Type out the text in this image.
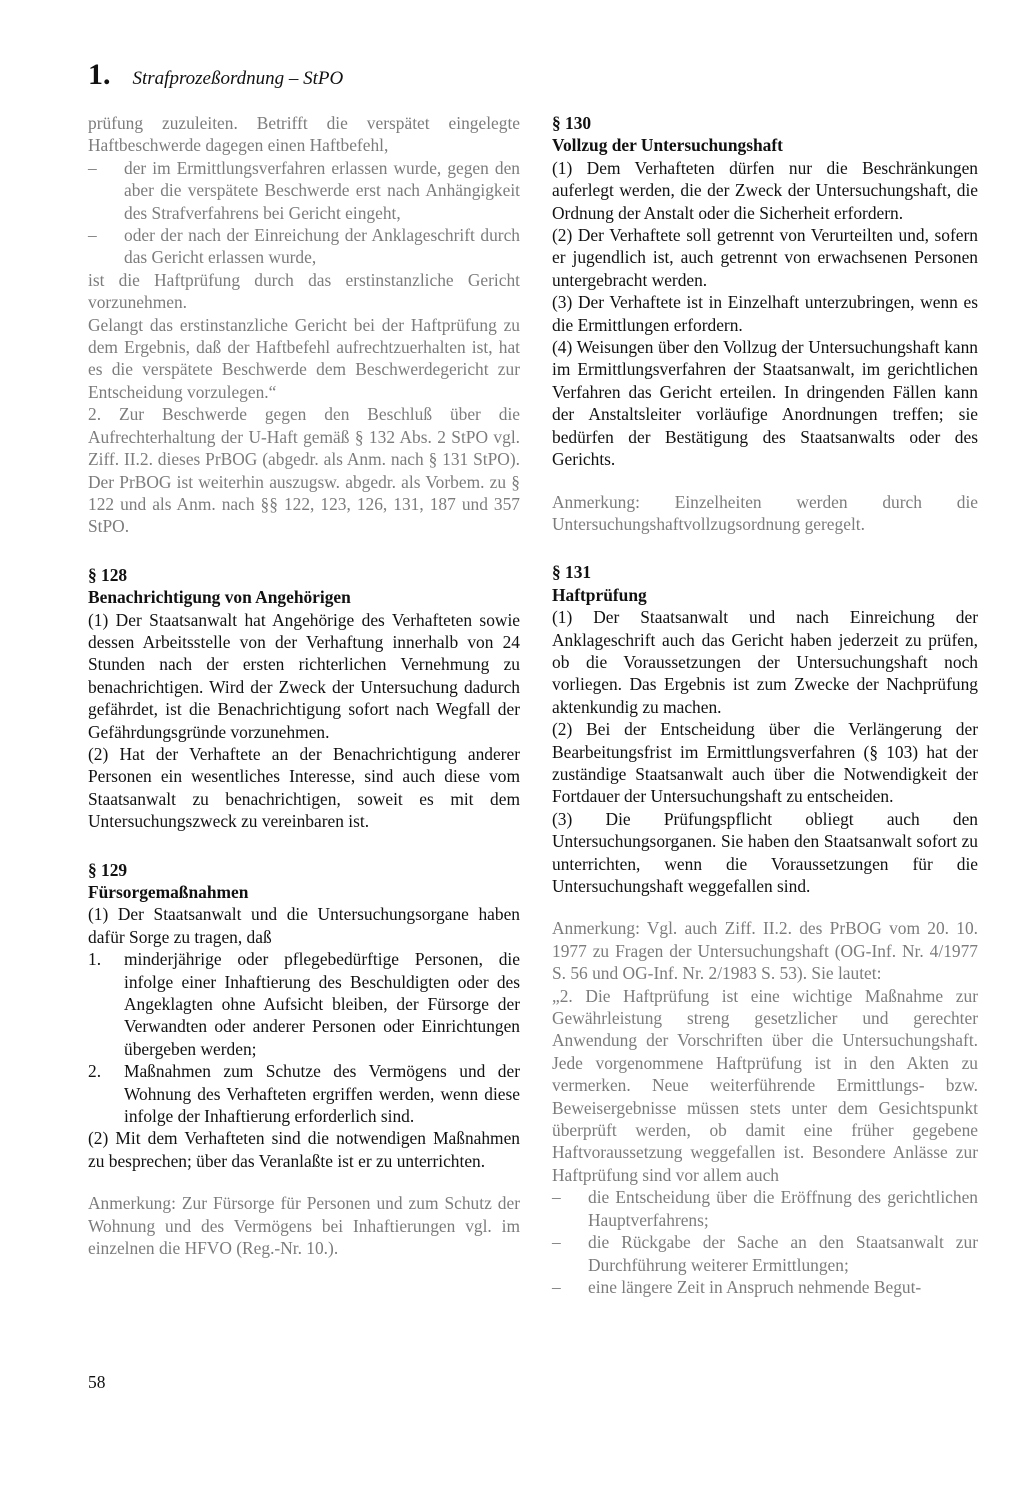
1. Strafprozeßordnung – StPO

prüfung zuzuleiten. Betrifft die verspätet eingelegte Haftbeschwerde dagegen einen Haftbefehl,

–	der im Ermittlungsverfahren erlassen wurde, gegen den aber die verspätete Beschwerde erst nach Anhängigkeit des Strafverfahrens bei Gericht eingeht,
–	oder der nach der Einreichung der Anklageschrift durch das Gericht erlassen wurde,

ist die Haftprüfung durch das erstinstanzliche Gericht vorzunehmen.

Gelangt das erstinstanzliche Gericht bei der Haftprüfung zu dem Ergebnis, daß der Haftbefehl aufrechtzuerhalten ist, hat es die verspätete Beschwerde dem Beschwerdegericht zur Entscheidung vorzulegen.“

2. Zur Beschwerde gegen den Beschluß über die Aufrechterhaltung der U-Haft gemäß § 132 Abs. 2 StPO vgl. Ziff. II.2. dieses PrBOG (abgedr. als Anm. nach § 131 StPO). Der PrBOG ist weiterhin auszugsw. abgedr. als Vorbem. zu § 122 und als Anm. nach §§ 122, 123, 126, 131, 187 und 357 StPO.

§ 128

Benachrichtigung von Angehörigen

(1) Der Staatsanwalt hat Angehörige des Verhafteten sowie dessen Arbeitsstelle von der Verhaftung innerhalb von 24 Stunden nach der ersten richterlichen Vernehmung zu benachrichtigen. Wird der Zweck der Untersuchung dadurch gefährdet, ist die Benachrichtigung sofort nach Wegfall der Gefährdungsgründe vorzunehmen.

(2) Hat der Verhaftete an der Benachrichtigung anderer Personen ein wesentliches Interesse, sind auch diese vom Staatsanwalt zu benachrichtigen, soweit es mit dem Untersuchungszweck zu vereinbaren ist.

§ 129

Fürsorgemaßnahmen

(1) Der Staatsanwalt und die Untersuchungsorgane haben dafür Sorge zu tragen, daß

1.	minderjährige oder pflegebedürftige Personen, die infolge einer Inhaftierung des Beschuldigten oder des Angeklagten ohne Aufsicht bleiben, der Fürsorge der Verwandten oder anderer Personen oder Einrichtungen übergeben werden;
2.	Maßnahmen zum Schutze des Vermögens und der Wohnung des Verhafteten ergriffen werden, wenn diese infolge der Inhaftierung erforderlich sind.

(2) Mit dem Verhafteten sind die notwendigen Maßnahmen zu besprechen; über das Veranlaßte ist er zu unterrichten.

Anmerkung: Zur Fürsorge für Personen und zum Schutz der Wohnung und des Vermögens bei Inhaftierungen vgl. im einzelnen die HFVO (Reg.-Nr. 10.).

§ 130

Vollzug der Untersuchungshaft

(1) Dem Verhafteten dürfen nur die Beschränkungen auferlegt werden, die der Zweck der Untersuchungshaft, die Ordnung der Anstalt oder die Sicherheit erfordern.

(2) Der Verhaftete soll getrennt von Verurteilten und, sofern er jugendlich ist, auch getrennt von erwachsenen Personen untergebracht werden.

(3) Der Verhaftete ist in Einzelhaft unterzubringen, wenn es die Ermittlungen erfordern.

(4) Weisungen über den Vollzug der Untersuchungshaft kann im Ermittlungsverfahren der Staatsanwalt, im gerichtlichen Verfahren das Gericht erteilen. In dringenden Fällen kann der Anstaltsleiter vorläufige Anordnungen treffen; sie bedürfen der Bestätigung des Staatsanwalts oder des Gerichts.

Anmerkung: Einzelheiten werden durch die Untersuchungshaftvollzugsordnung geregelt.

§ 131

Haftprüfung

(1) Der Staatsanwalt und nach Einreichung der Anklageschrift auch das Gericht haben jederzeit zu prüfen, ob die Voraussetzungen der Untersuchungshaft noch vorliegen. Das Ergebnis ist zum Zwecke der Nachprüfung aktenkundig zu machen.

(2) Bei der Entscheidung über die Verlängerung der Bearbeitungsfrist im Ermittlungsverfahren (§ 103) hat der zuständige Staatsanwalt auch über die Notwendigkeit der Fortdauer der Untersuchungshaft zu entscheiden.

(3) Die Prüfungspflicht obliegt auch den Untersuchungsorganen. Sie haben den Staatsanwalt sofort zu unterrichten, wenn die Voraussetzungen für die Untersuchungshaft weggefallen sind.

Anmerkung: Vgl. auch Ziff. II.2. des PrBOG vom 20. 10. 1977 zu Fragen der Untersuchungshaft (OG-Inf. Nr. 4/1977 S. 56 und OG-Inf. Nr. 2/1983 S. 53). Sie lautet:

„2. Die Haftprüfung ist eine wichtige Maßnahme zur Gewährleistung streng gesetzlicher und gerechter Anwendung der Vorschriften über die Untersuchungshaft. Jede vorgenommene Haftprüfung ist in den Akten zu vermerken. Neue weiterführende Ermittlungs- bzw. Beweisergebnisse müssen stets unter dem Gesichtspunkt überprüft werden, ob damit eine früher gegebene Haftvoraussetzung weggefallen ist. Besondere Anlässe zur Haftprüfung sind vor allem auch

–	die Entscheidung über die Eröffnung des gerichtlichen Hauptverfahrens;
–	die Rückgabe der Sache an den Staatsanwalt zur Durchführung weiterer Ermittlungen;
–	eine längere Zeit in Anspruch nehmende Begut-
58
